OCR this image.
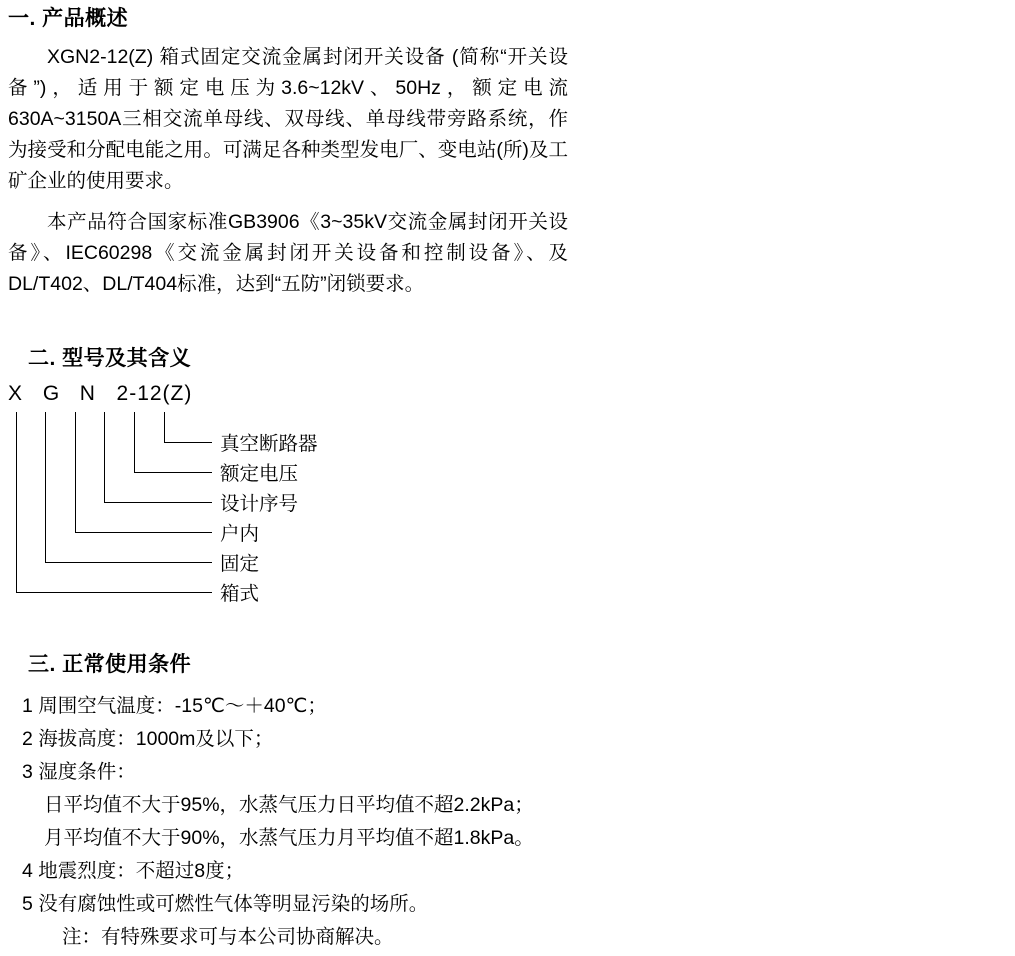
一. 产品概述

XGN2-12(Z) 箱式固定交流金属封闭开关设备 (简称“开关设备”)，适用于额定电压为3.6~12kV、50Hz，额定电流630A~3150A三相交流单母线、双母线、单母线带旁路系统，作为接受和分配电能之用。可满足各种类型发电厂、变电站(所)及工矿企业的使用要求。

本产品符合国家标准GB3906《3~35kV交流金属封闭开关设备》、IEC60298《交流金属封闭开关设备和控制设备》、及DL/T402、DL/T404标准，达到“五防”闭锁要求。

二. 型号及其含义
X G N 2-12(Z)
真空断路器
额定电压
设计序号
户内
固定
箱式
三. 正常使用条件
1 周围空气温度：-15℃～＋40℃；
2 海拔高度：1000m及以下；
3 湿度条件：
日平均值不大于95%，水蒸气压力日平均值不超2.2kPa；
月平均值不大于90%，水蒸气压力月平均值不超1.8kPa。
4 地震烈度：不超过8度；
5 没有腐蚀性或可燃性气体等明显污染的场所。
注：有特殊要求可与本公司协商解决。
